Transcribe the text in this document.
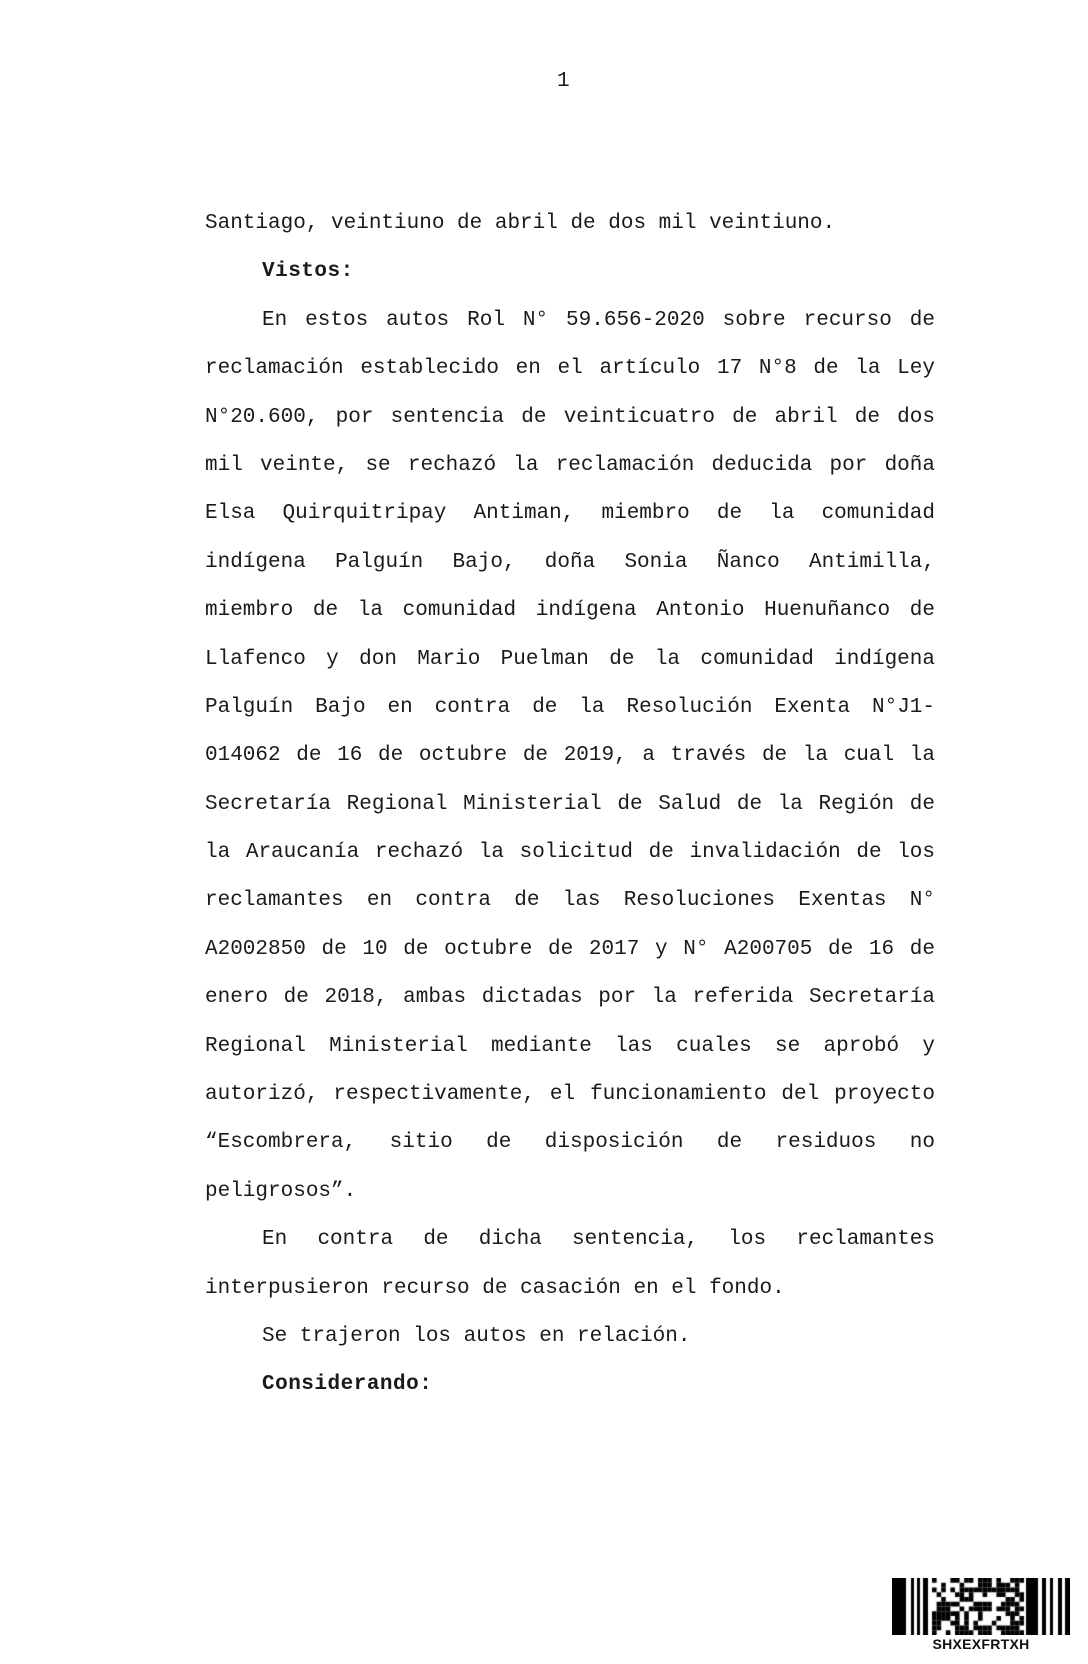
1
Santiago, veintiuno de abril de dos mil veintiuno.
Vistos:
En estos autos Rol N° 59.656-2020 sobre recurso de
reclamación establecido en el artículo 17 N°8 de la Ley
N°20.600, por sentencia de veinticuatro de abril de dos
mil veinte, se rechazó la reclamación deducida por doña
Elsa Quirquitripay Antiman, miembro de la comunidad
indígena Palguín Bajo, doña Sonia Ñanco Antimilla,
miembro de la comunidad indígena Antonio Huenuñanco de
Llafenco y don Mario Puelman de la comunidad indígena
Palguín Bajo en contra de la Resolución Exenta N°J1-
014062 de 16 de octubre de 2019, a través de la cual la
Secretaría Regional Ministerial de Salud de la Región de
la Araucanía rechazó la solicitud de invalidación de los
reclamantes en contra de las Resoluciones Exentas N°
A2002850 de 10 de octubre de 2017 y N° A200705 de 16 de
enero de 2018, ambas dictadas por la referida Secretaría
Regional Ministerial mediante las cuales se aprobó y
autorizó, respectivamente, el funcionamiento del proyecto
“Escombrera, sitio de disposición de residuos no
peligrosos”.
En contra de dicha sentencia, los reclamantes
interpusieron recurso de casación en el fondo.
Se trajeron los autos en relación.
Considerando:
SHXEXFRTXH
